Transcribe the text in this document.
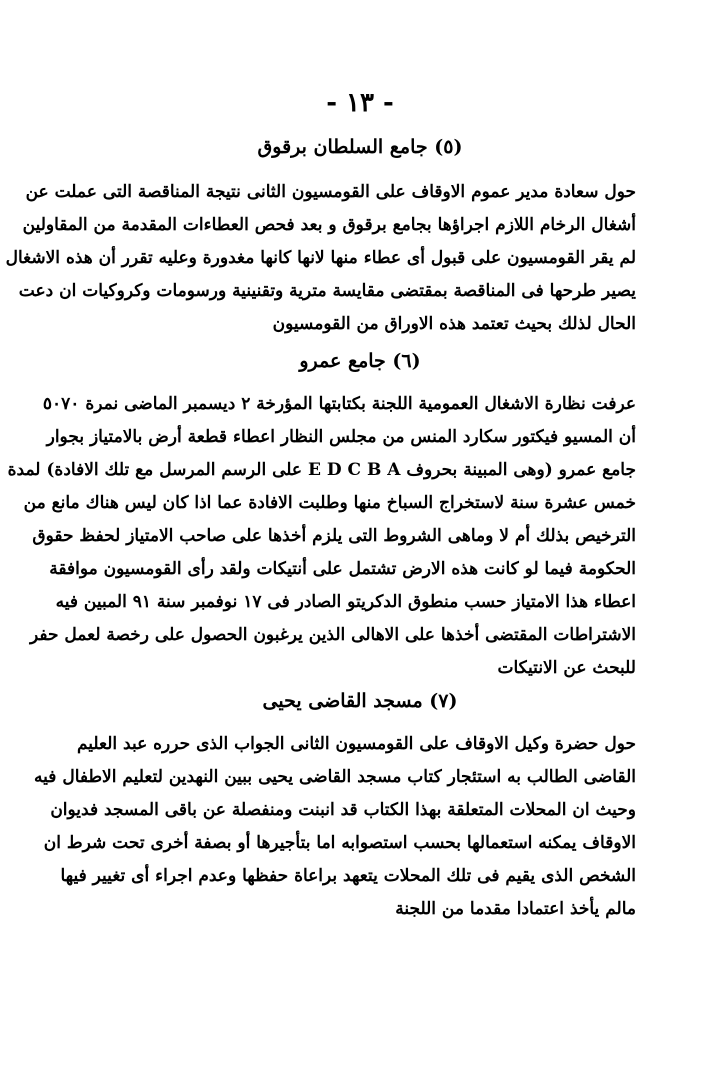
- ١٣ -
(٥) جامع السلطان برقوق
حول سعادة مدير عموم الاوقاف على القومسيون الثانى نتيجة المناقصة التى عملت عن
أشغال الرخام اللازم اجراؤها بجامع برقوق و بعد فحص العطاءات المقدمة من المقاولين
لم يقر القومسيون على قبول أى عطاء منها لانها كانها مغدورة وعليه تقرر أن هذه الاشغال
يصير طرحها فى المناقصة بمقتضى مقايسة مترية وتقنينية ورسومات وكروكيات ان دعت
الحال لذلك بحيث تعتمد هذه الاوراق من القومسيون
(٦) جامع عمرو
عرفت نظارة الاشغال العمومية اللجنة بكتابتها المؤرخة ٢ ديسمبر الماضى نمرة ٥٠٧٠
أن المسيو فيكتور سكارد المنس من مجلس النظار اعطاء قطعة أرض بالامتياز بجوار
جامع عمرو (وهى المبينة بحروف E D C B A على الرسم المرسل مع تلك الافادة) لمدة
خمس عشرة سنة لاستخراج السباخ منها وطلبت الافادة عما اذا كان ليس هناك مانع من
الترخيص بذلك أم لا وماهى الشروط التى يلزم أخذها على صاحب الامتياز لحفظ حقوق
الحكومة فيما لو كانت هذه الارض تشتمل على أنتيكات ولقد رأى القومسيون موافقة
اعطاء هذا الامتياز حسب منطوق الدكريتو الصادر فى ١٧ نوفمبر سنة ٩١ المبين فيه
الاشتراطات المقتضى أخذها على الاهالى الذين يرغبون الحصول على رخصة لعمل حفر
للبحث عن الانتيكات
(٧) مسجد القاضى يحيى
حول حضرة وكيل الاوقاف على القومسيون الثانى الجواب الذى حرره عبد العليم
القاضى الطالب به استئجار كتاب مسجد القاضى يحيى ببين النهدين لتعليم الاطفال فيه
وحيث ان المحلات المتعلقة بهذا الكتاب قد انبنت ومنفصلة عن باقى المسجد فديوان
الاوقاف يمكنه استعمالها بحسب استصوابه اما بتأجيرها أو بصفة أخرى تحت شرط ان
الشخص الذى يقيم فى تلك المحلات يتعهد براعاة حفظها وعدم اجراء أى تغيير فيها
مالم يأخذ اعتمادا مقدما من اللجنة
